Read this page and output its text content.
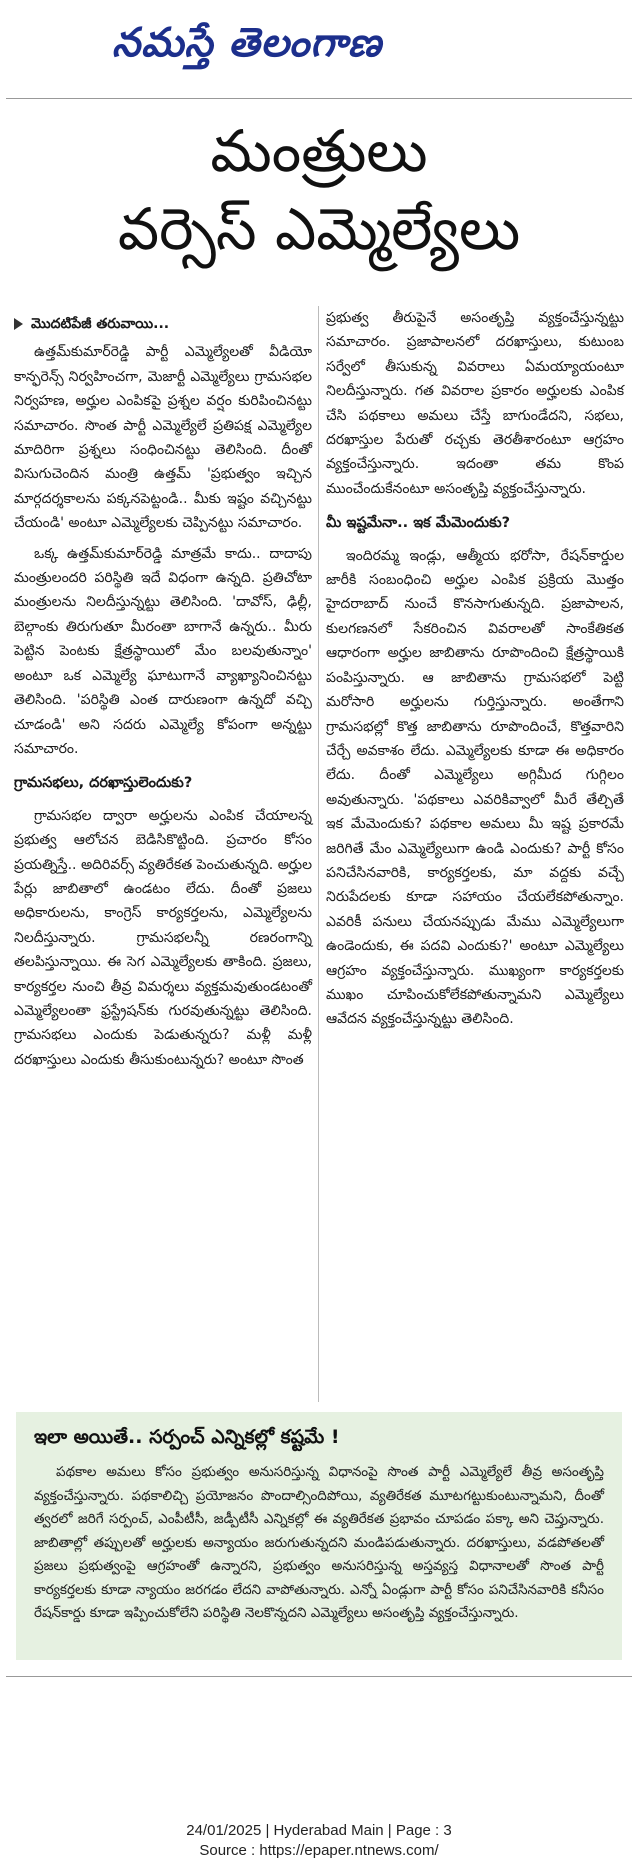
నమస్తే తెలంగాణ
మంత్రులు
వర్సెస్ ఎమ్మెల్యేలు
మొదటిపేజీ తరువాయి...

ఉత్తమ్‌కుమార్‌రెడ్డి పార్టీ ఎమ్మెల్యేలతో వీడియో కాన్ఫరెన్స్ నిర్వహించగా, మెజార్టీ ఎమ్మెల్యేలు గ్రామసభల నిర్వహణ, అర్హుల ఎంపికపై ప్రశ్నల వర్షం కురిపించినట్టు సమాచారం. సొంత పార్టీ ఎమ్మెల్యేలే ప్రతిపక్ష ఎమ్మెల్యేల మాదిరిగా ప్రశ్నలు సంధించినట్టు తెలిసింది. దీంతో విసుగుచెందిన మంత్రి ఉత్తమ్ 'ప్రభుత్వం ఇచ్చిన మార్గదర్శకాలను పక్కనపెట్టండి.. మీకు ఇష్టం వచ్చినట్టు చేయండి' అంటూ ఎమ్మెల్యేలకు చెప్పినట్టు సమాచారం.

ఒక్క ఉత్తమ్‌కుమార్‌రెడ్డి మాత్రమే కాదు.. దాదాపు మంత్రులందరి పరిస్థితి ఇదే విధంగా ఉన్నది. ప్రతిచోటా మంత్రులను నిలదీస్తున్నట్టు తెలిసింది. 'దావోస్, ఢిల్లీ, బెల్గాంకు తిరుగుతూ మీరంతా బాగానే ఉన్నరు.. మీరు పెట్టిన పెంటకు క్షేత్రస్థాయిలో మేం బలవుతున్నాం' అంటూ ఒక ఎమ్మెల్యే ఘాటుగానే వ్యాఖ్యానించినట్టు తెలిసింది. 'పరిస్థితి ఎంత దారుణంగా ఉన్నదో వచ్చి చూడండి' అని సదరు ఎమ్మెల్యే కోపంగా అన్నట్టు సమాచారం.

గ్రామసభలు, దరఖాస్తులెందుకు?

గ్రామసభల ద్వారా అర్హులను ఎంపిక చేయాలన్న ప్రభుత్వ ఆలోచన బెడిసికొట్టింది. ప్రచారం కోసం ప్రయత్నిస్తే.. అదిరివర్స్ వ్యతిరేకత పెంచుతున్నది. అర్హుల పేర్లు జాబితాలో ఉండటం లేదు. దీంతో ప్రజలు అధికారులను, కాంగ్రెస్ కార్యకర్తలను, ఎమ్మెల్యేలను నిలదీస్తున్నారు. గ్రామసభలన్నీ రణరంగాన్ని తలపిస్తున్నాయి. ఈ సెగ ఎమ్మెల్యేలకు తాకింది. ప్రజలు, కార్యకర్తల నుంచి తీవ్ర విమర్శలు వ్యక్తమవుతుండటంతో ఎమ్మెల్యేలంతా ఫ్రస్ట్రేషన్‌కు గురవుతున్నట్టు తెలిసింది. గ్రామసభలు ఎందుకు పెడుతున్నరు? మళ్లీ మళ్లీ దరఖాస్తులు ఎందుకు తీసుకుంటున్నరు? అంటూ సొంత

ప్రభుత్వ తీరుపైనే అసంతృప్తి వ్యక్తంచేస్తున్నట్టు సమాచారం. ప్రజాపాలనలో దరఖాస్తులు, కుటుంబ సర్వేలో తీసుకున్న వివరాలు ఏమయ్యాయంటూ నిలదీస్తున్నారు. గత వివరాల ప్రకారం అర్హులకు ఎంపిక చేసి పథకాలు అమలు చేస్తే బాగుండేదని, సభలు, దరఖాస్తుల పేరుతో రచ్చకు తెరతీశారంటూ ఆగ్రహం వ్యక్తంచేస్తున్నారు. ఇదంతా తమ కొంప ముంచేందుకేనంటూ అసంతృప్తి వ్యక్తంచేస్తున్నారు.

మీ ఇష్టమేనా.. ఇక మేమెందుకు?

ఇందిరమ్మ ఇండ్లు, ఆత్మీయ భరోసా, రేషన్‌కార్డుల జారీకి సంబంధించి అర్హుల ఎంపిక ప్రక్రియ మొత్తం హైదరాబాద్ నుంచే కొనసాగుతున్నది. ప్రజాపాలన, కులగణనలో సేకరించిన వివరాలతో సాంకేతికత ఆధారంగా అర్హుల జాబితాను రూపొందించి క్షేత్రస్థాయికి పంపిస్తున్నారు. ఆ జాబితాను గ్రామసభలో పెట్టి మరోసారి అర్హులను గుర్తిస్తున్నారు. అంతేగాని గ్రామసభల్లో కొత్త జాబితాను రూపొందించే, కొత్తవారిని చేర్చే అవకాశం లేదు. ఎమ్మెల్యేలకు కూడా ఈ అధికారం లేదు. దీంతో ఎమ్మెల్యేలు అగ్గిమీద గుగ్గిలం అవుతున్నారు. 'పథకాలు ఎవరికివ్వాలో మీరే తేల్చితే ఇక మేమెందుకు? పథకాల అమలు మీ ఇష్ట ప్రకారమే జరిగితే మేం ఎమ్మెల్యేలుగా ఉండి ఎందుకు? పార్టీ కోసం పనిచేసినవారికి, కార్యకర్తలకు, మా వద్దకు వచ్చే నిరుపేదలకు కూడా సహాయం చేయలేకపోతున్నాం. ఎవరికీ పనులు చేయనప్పుడు మేము ఎమ్మెల్యేలుగా ఉండెందుకు, ఈ పదవి ఎందుకు?' అంటూ ఎమ్మెల్యేలు ఆగ్రహం వ్యక్తంచేస్తున్నారు. ముఖ్యంగా కార్యకర్తలకు ముఖం చూపించుకోలేకపోతున్నామని ఎమ్మెల్యేలు ఆవేదన వ్యక్తంచేస్తున్నట్టు తెలిసింది.

ఇలా అయితే.. సర్పంచ్ ఎన్నికల్లో కష్టమే !

పథకాల అమలు కోసం ప్రభుత్వం అనుసరిస్తున్న విధానంపై సొంత పార్టీ ఎమ్మెల్యేలే తీవ్ర అసంతృప్తి వ్యక్తంచేస్తున్నారు. పథకాలిచ్చి ప్రయోజనం పొందాల్సిందిపోయి, వ్యతిరేకత మూటగట్టుకుంటున్నామని, దీంతో త్వరలో జరిగే సర్పంచ్, ఎంపీటీసీ, జడ్పీటీసీ ఎన్నికల్లో ఈ వ్యతిరేకత ప్రభావం చూపడం పక్కా అని చెప్తున్నారు. జాబితాల్లో తప్పులతో అర్హులకు అన్యాయం జరుగుతున్నదని మండిపడుతున్నారు. దరఖాస్తులు, వడపోతలతో ప్రజలు ప్రభుత్వంపై ఆగ్రహంతో ఉన్నారని, ప్రభుత్వం అనుసరిస్తున్న అస్తవ్యస్త విధానాలతో సొంత పార్టీ కార్యకర్తలకు కూడా న్యాయం జరగడం లేదని వాపోతున్నారు. ఎన్నో ఏండ్లుగా పార్టీ కోసం పనిచేసినవారికి కనీసం రేషన్‌కార్డు కూడా ఇప్పించుకోలేని పరిస్థితి నెలకొన్నదని ఎమ్మెల్యేలు అసంతృప్తి వ్యక్తంచేస్తున్నారు.

24/01/2025 | Hyderabad Main | Page : 3
Source : https://epaper.ntnews.com/
